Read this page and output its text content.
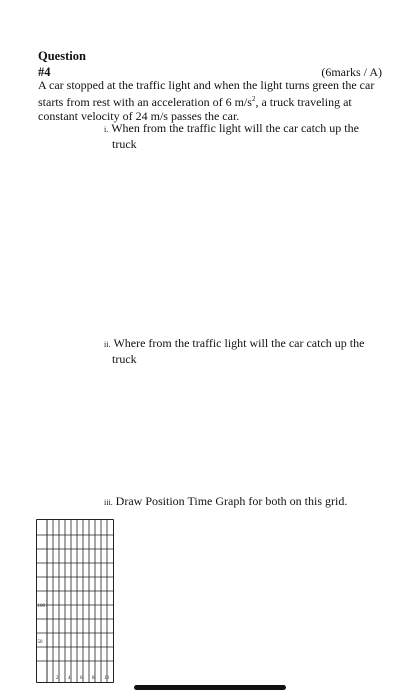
Question
#4	(6marks / A)
A car stopped at the traffic light and when the light turns green the car starts from rest with an acceleration of 6 $m/s^2$, a truck traveling at constant velocity of 24 m/s passes the car.
i. When from the traffic light will the car catch up the
truck
ii. Where from the traffic light will the car catch up the
truck
iii. Draw Position Time Graph for both on this grid.
100
50
2 4 6 8 10
